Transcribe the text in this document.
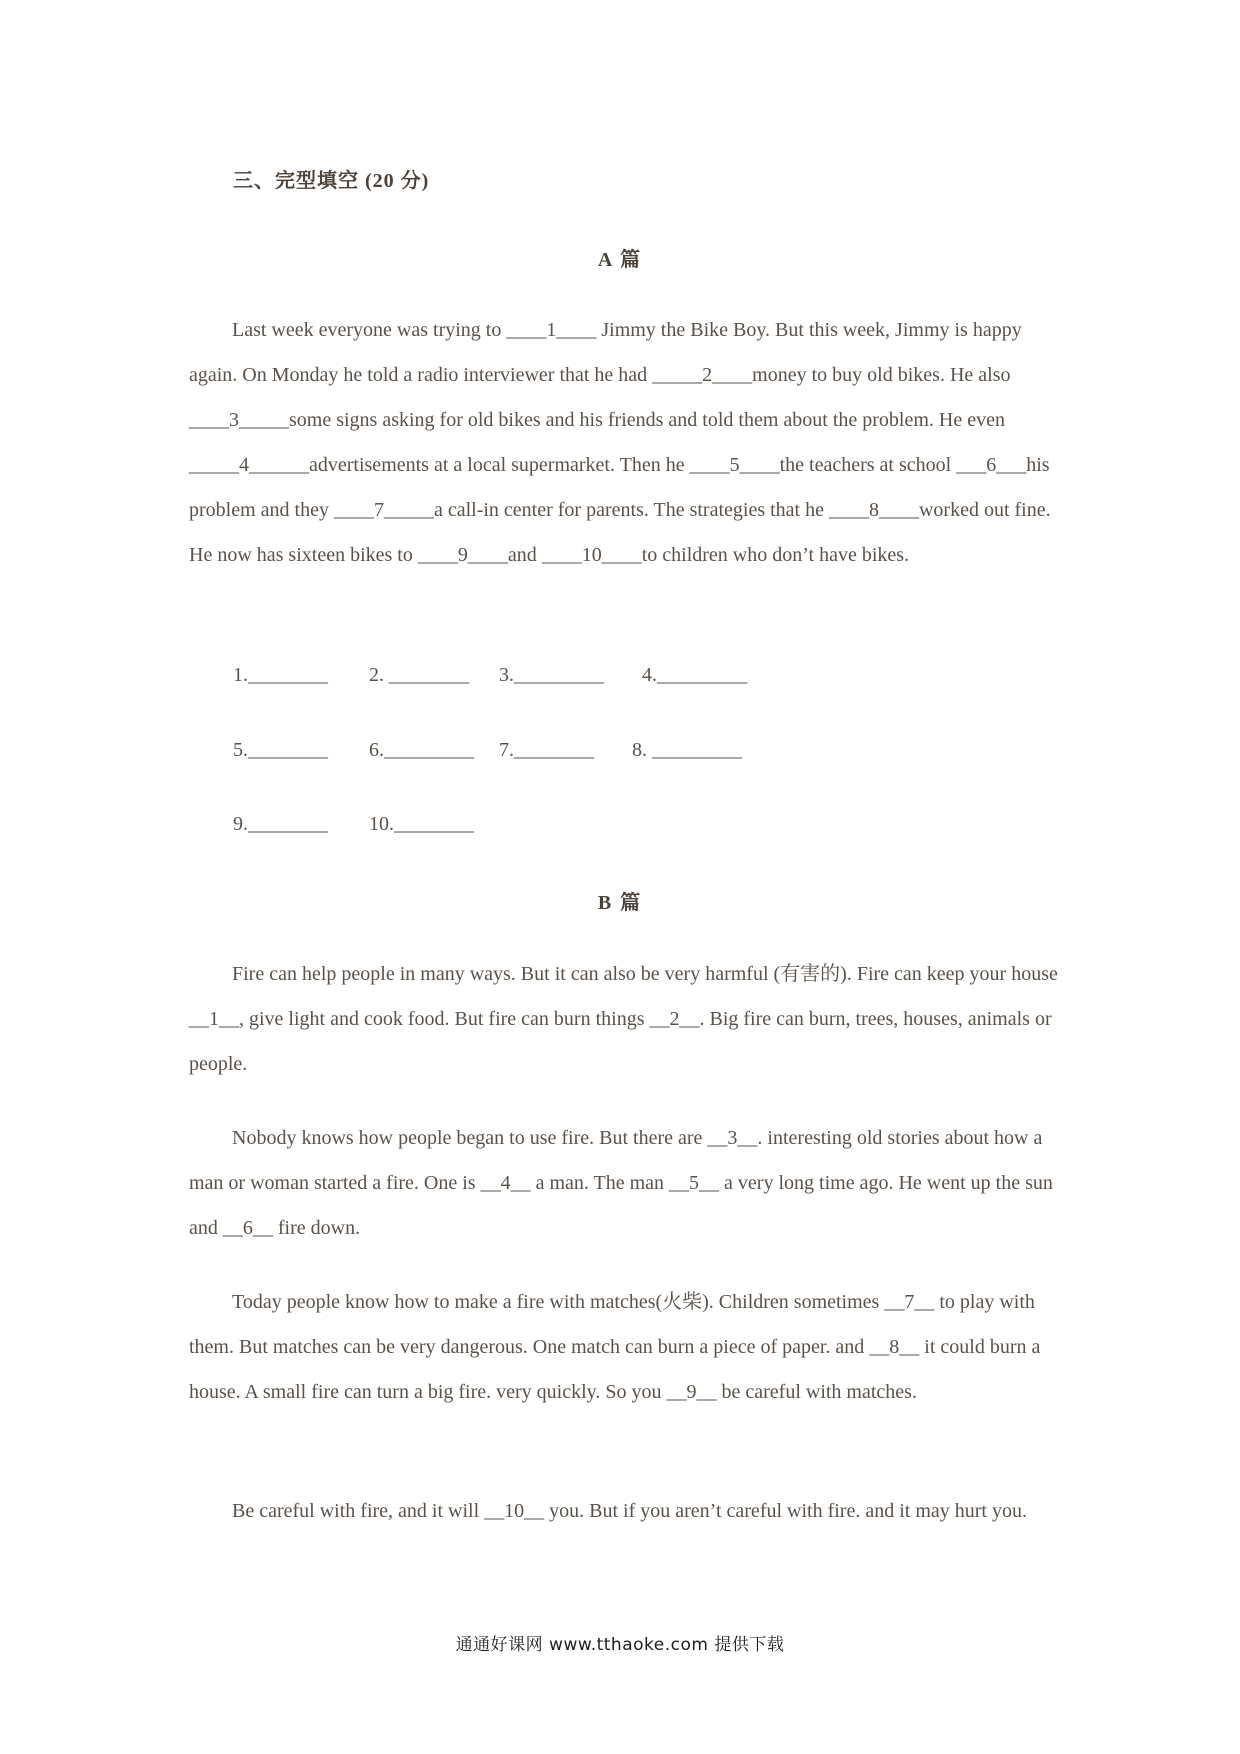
三、完型填空 (20 分)
A 篇

Last week everyone was trying to ____1____ Jimmy the Bike Boy. But this week, Jimmy is happy again. On Monday he told a radio interviewer that he had _____2____money to buy old bikes. He also ____3_____some signs asking for old bikes and his friends and told them about the problem. He even _____4______advertisements at a local supermarket. Then he ____5____the teachers at school ___6___his problem and they ____7_____a call-in center for parents. The strategies that he ____8____worked out fine. He now has sixteen bikes to ____9____and ____10____to children who don’t have bikes.

1.________ 2. ________ 3._________ 4._________
5.________ 6._________ 7.________ 8. _________
9.________ 10.________
B 篇

Fire can help people in many ways. But it can also be very harmful (有害的). Fire can keep your house __1__, give light and cook food. But fire can burn things __2__. Big fire can burn, trees, houses, animals or people.

Nobody knows how people began to use fire. But there are __3__. interesting old stories about how a man or woman started a fire. One is __4__ a man. The man __5__ a very long time ago. He went up the sun and __6__ fire down.

Today people know how to make a fire with matches(火柴). Children sometimes __7__ to play with them. But matches can be very dangerous. One match can burn a piece of paper. and __8__ it could burn a house. A small fire can turn a big fire. very quickly. So you __9__ be careful with matches.

Be careful with fire, and it will __10__ you. But if you aren’t careful with fire. and it may hurt you.

通通好课网 www.tthaoke.com 提供下载
